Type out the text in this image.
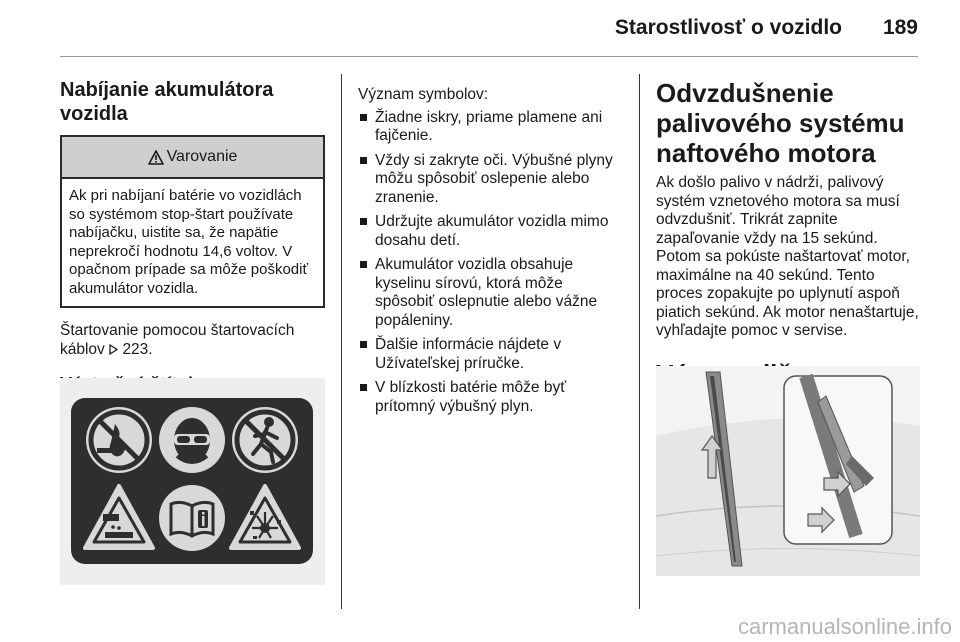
Starostlivosť o vozidlo 189
Nabíjanie akumulátora vozidla
Varovanie
Ak pri nabíjaní batérie vo vozidlách so systémom stop-štart používate nabíjačku, uistite sa, že napätie neprekročí hodnotu 14,6 voltov. V opačnom prípade sa môže poškodiť akumulátor vozidla.

Štartovanie pomocou štartovacích káblov 223.

Význam symbolov:

Žiadne iskry, priame plamene ani fajčenie.
Vždy si zakryte oči. Výbušné plyny môžu spôsobiť oslepenie alebo zranenie.
Udržujte akumulátor vozidla mimo dosahu detí.
Akumulátor vozidla obsahuje kyselinu sírovú, ktorá môže spôsobiť oslepnutie alebo vážne popáleniny.
Ďalšie informácie nájdete v Užívateľskej príručke.
V blízkosti batérie môže byť prítomný výbušný plyn.
Odvzdušnenie palivového systému naftového motora

Ak došlo palivo v nádrži, palivový systém vznetového motora sa musí odvzdušniť. Trikrát zapnite zapaľovanie vždy na 15 sekúnd. Potom sa pokúste naštartovať motor, maximálne na 40 sekúnd. Tento proces zopakujte po uplynutí aspoň piatich sekúnd. Ak motor nenaštartuje, vyhľadajte pomoc v servise.

carmanualsonline.info
